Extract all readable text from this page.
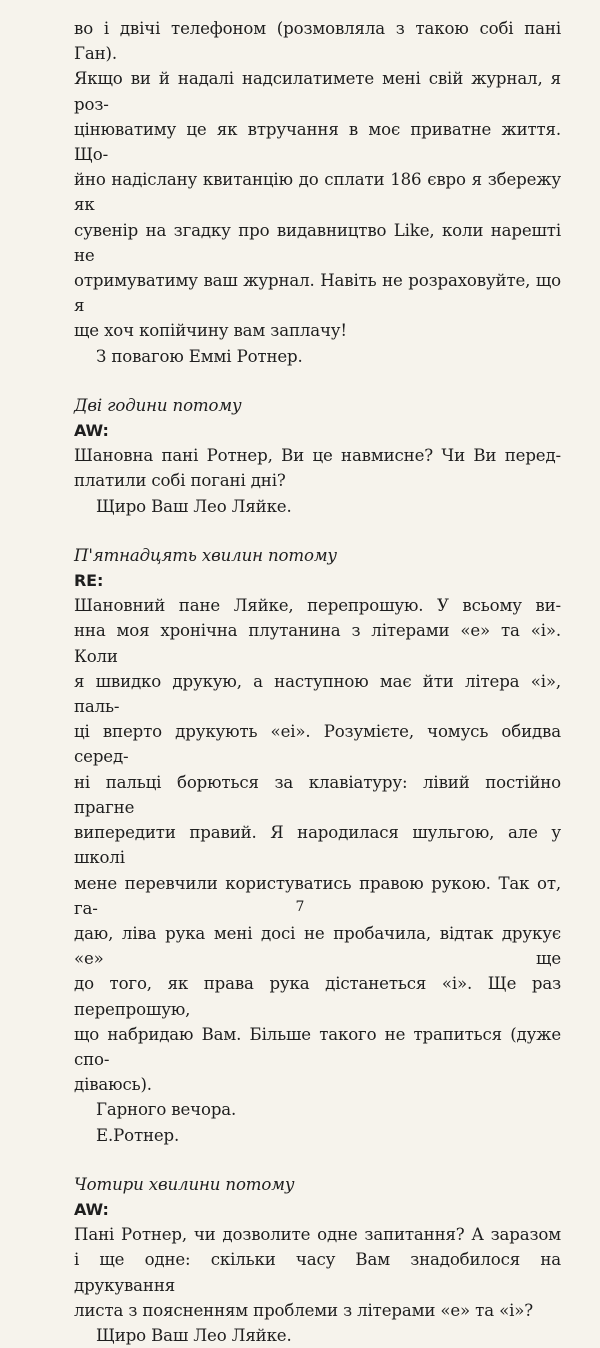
во і двічі телефоном (розмовляла з такою собі пані Ган).
Якщо ви й надалі надсилатимете мені свій журнал, я роз-
цінюватиму це як втручання в моє приватне життя. Що-
йно надіслану квитанцію до сплати 186 євро я збережу як
сувенір на згадку про видавництво Like, коли нарешті не
отримуватиму ваш журнал. Навіть не розраховуйте, що я
ще хоч копійчину вам заплачу!
З повагою Еммі Ротнер.
Дві години потому
AW:
Шановна пані Ротнер, Ви це навмисне? Чи Ви перед-
платили собі погані дні?
Щиро Ваш Лео Ляйке.
П'ятнадцять хвилин потому
RE:
Шановний пане Ляйке, перепрошую. У всьому ви-
нна моя хронічна плутанина з літерами «е» та «і». Коли
я швидко друкую, а наступною має йти літера «і», паль-
ці вперто друкують «еі». Розумієте, чомусь обидва серед-
ні пальці борються за клавіатуру: лівий постійно прагне
випередити правий. Я народилася шульгою, але у школі
мене перевчили користуватись правою рукою. Так от, га-
даю, ліва рука мені досі не пробачила, відтак друкує «е» ще
до того, як права рука дістанеться «і». Ще раз перепрошую,
що набридаю Вам. Більше такого не трапиться (дуже спо-
діваюсь).
Гарного вечора.
Е.Ротнер.
Чотири хвилини потому
AW:
Пані Ротнер, чи дозволите одне запитання? А заразом
і ще одне: скільки часу Вам знадобилося на друкування
листа з поясненням проблеми з літерами «е» та «і»?
Щиро Ваш Лео Ляйке.
7
